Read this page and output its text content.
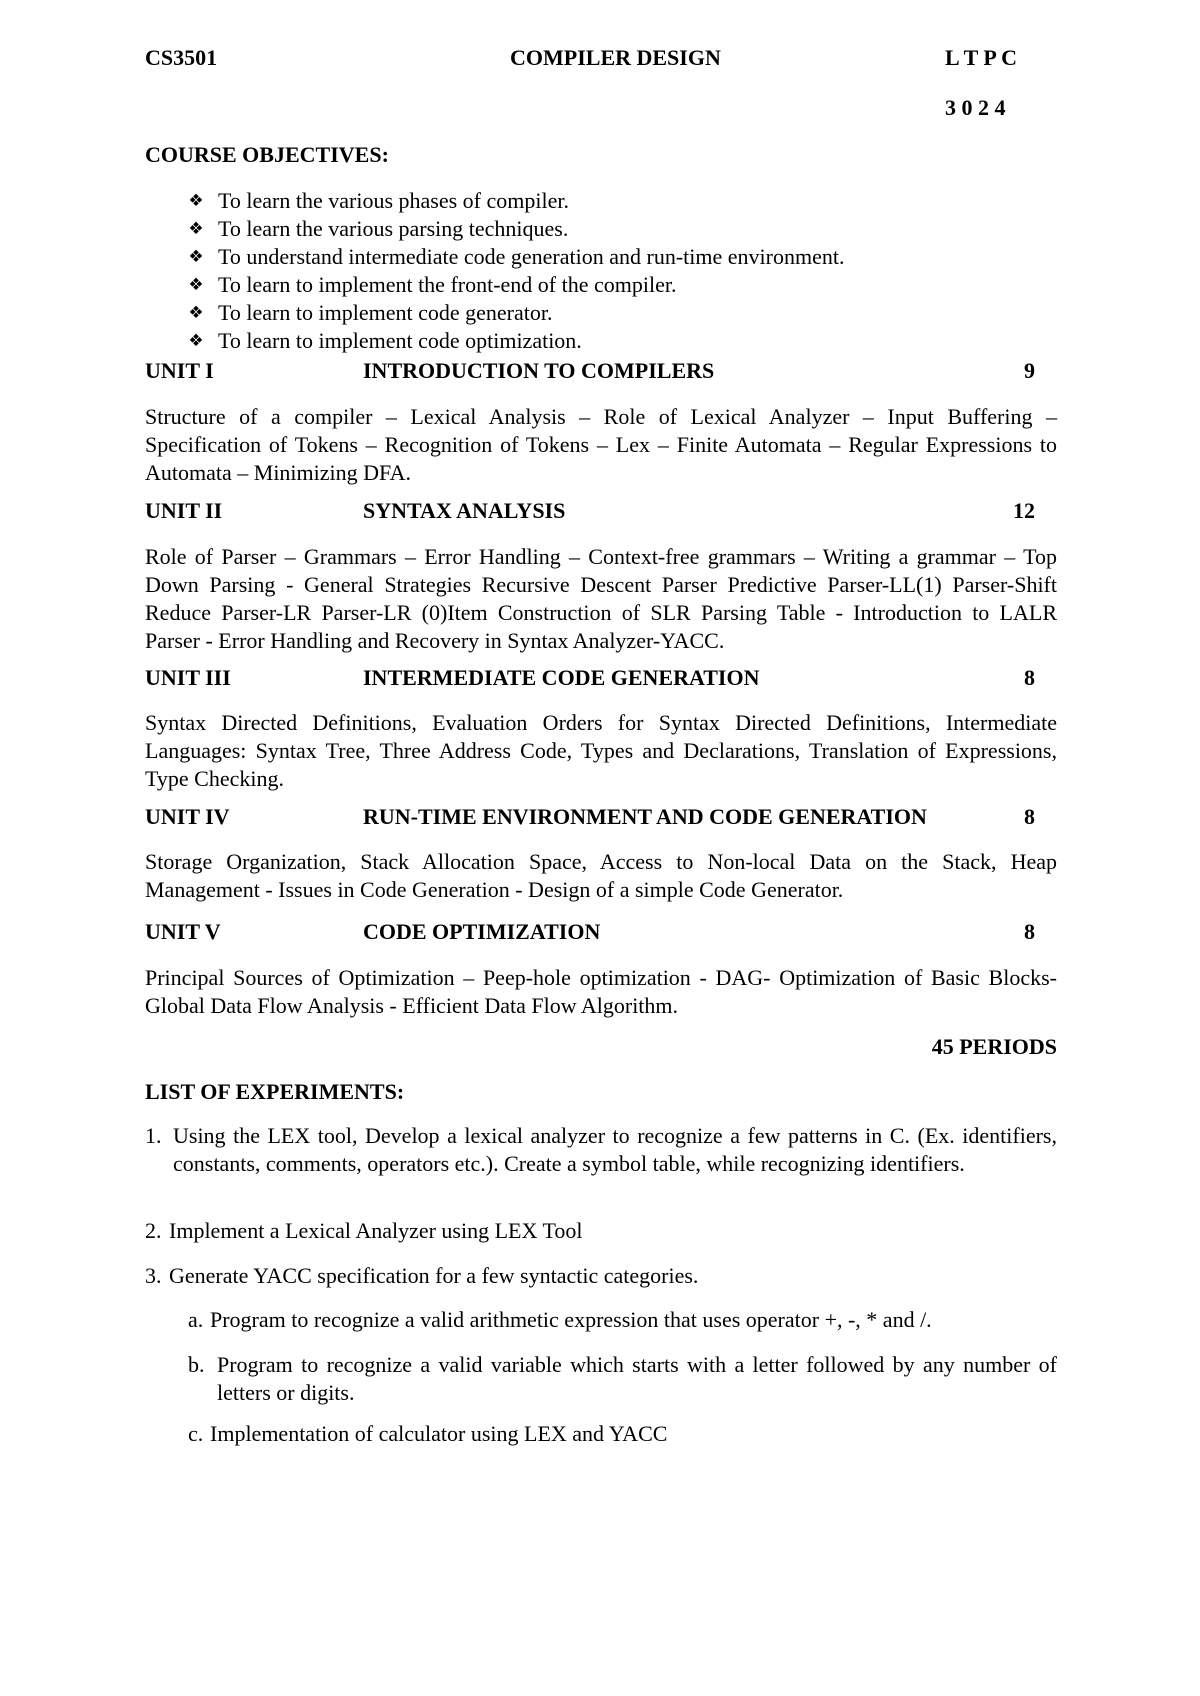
CS3501	COMPILER DESIGN	L T P C
3 0 2 4
COURSE OBJECTIVES:
❖ To learn the various phases of compiler.
❖ To learn the various parsing techniques.
❖ To understand intermediate code generation and run-time environment.
❖ To learn to implement the front-end of the compiler.
❖ To learn to implement code generator.
❖ To learn to implement code optimization.
UNIT I	INTRODUCTION TO COMPILERS	9
Structure of a compiler – Lexical Analysis – Role of Lexical Analyzer – Input Buffering – Specification of Tokens – Recognition of Tokens – Lex – Finite Automata – Regular Expressions to Automata – Minimizing DFA.
UNIT II	SYNTAX ANALYSIS	12
Role of Parser – Grammars – Error Handling – Context-free grammars – Writing a grammar – Top Down Parsing - General Strategies Recursive Descent Parser Predictive Parser-LL(1) Parser-Shift Reduce Parser-LR Parser-LR (0)Item Construction of SLR Parsing Table - Introduction to LALR Parser - Error Handling and Recovery in Syntax Analyzer-YACC.
UNIT III	INTERMEDIATE CODE GENERATION	8
Syntax Directed Definitions, Evaluation Orders for Syntax Directed Definitions, Intermediate Languages: Syntax Tree, Three Address Code, Types and Declarations, Translation of Expressions, Type Checking.
UNIT IV	RUN-TIME ENVIRONMENT AND CODE GENERATION	8
Storage Organization, Stack Allocation Space, Access to Non-local Data on the Stack, Heap Management - Issues in Code Generation - Design of a simple Code Generator.
UNIT V	CODE OPTIMIZATION	8
Principal Sources of Optimization – Peep-hole optimization - DAG- Optimization of Basic Blocks- Global Data Flow Analysis - Efficient Data Flow Algorithm.
45 PERIODS
LIST OF EXPERIMENTS:
1. Using the LEX tool, Develop a lexical analyzer to recognize a few patterns in C. (Ex. identifiers, constants, comments, operators etc.). Create a symbol table, while recognizing identifiers.
2. Implement a Lexical Analyzer using LEX Tool
3. Generate YACC specification for a few syntactic categories.
a. Program to recognize a valid arithmetic expression that uses operator +, -, * and /.
b. Program to recognize a valid variable which starts with a letter followed by any number of letters or digits.
c. Implementation of calculator using LEX and YACC
